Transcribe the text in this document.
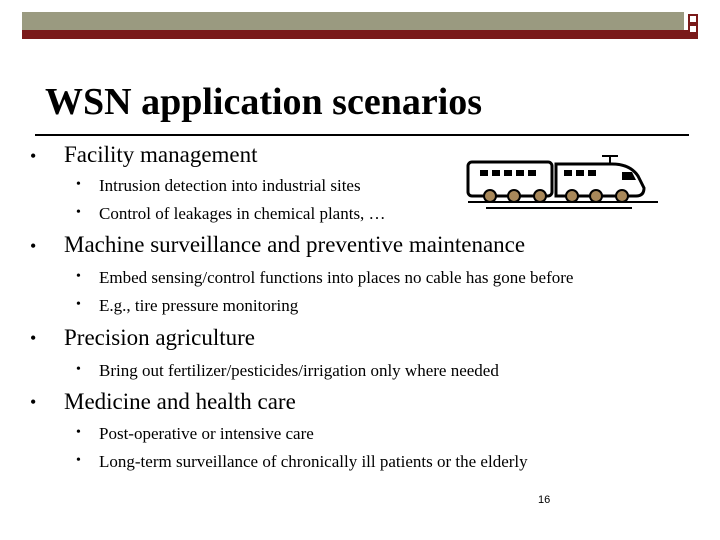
WSN application scenarios
• Facility management
• Intrusion detection into industrial sites
• Control of leakages in chemical plants, …
• Machine surveillance and preventive maintenance
• Embed sensing/control functions into places no cable has gone before
• E.g., tire pressure monitoring
• Precision agriculture
• Bring out fertilizer/pesticides/irrigation only where needed
• Medicine and health care
• Post-operative or intensive care
• Long-term surveillance of chronically ill patients or the elderly
16
